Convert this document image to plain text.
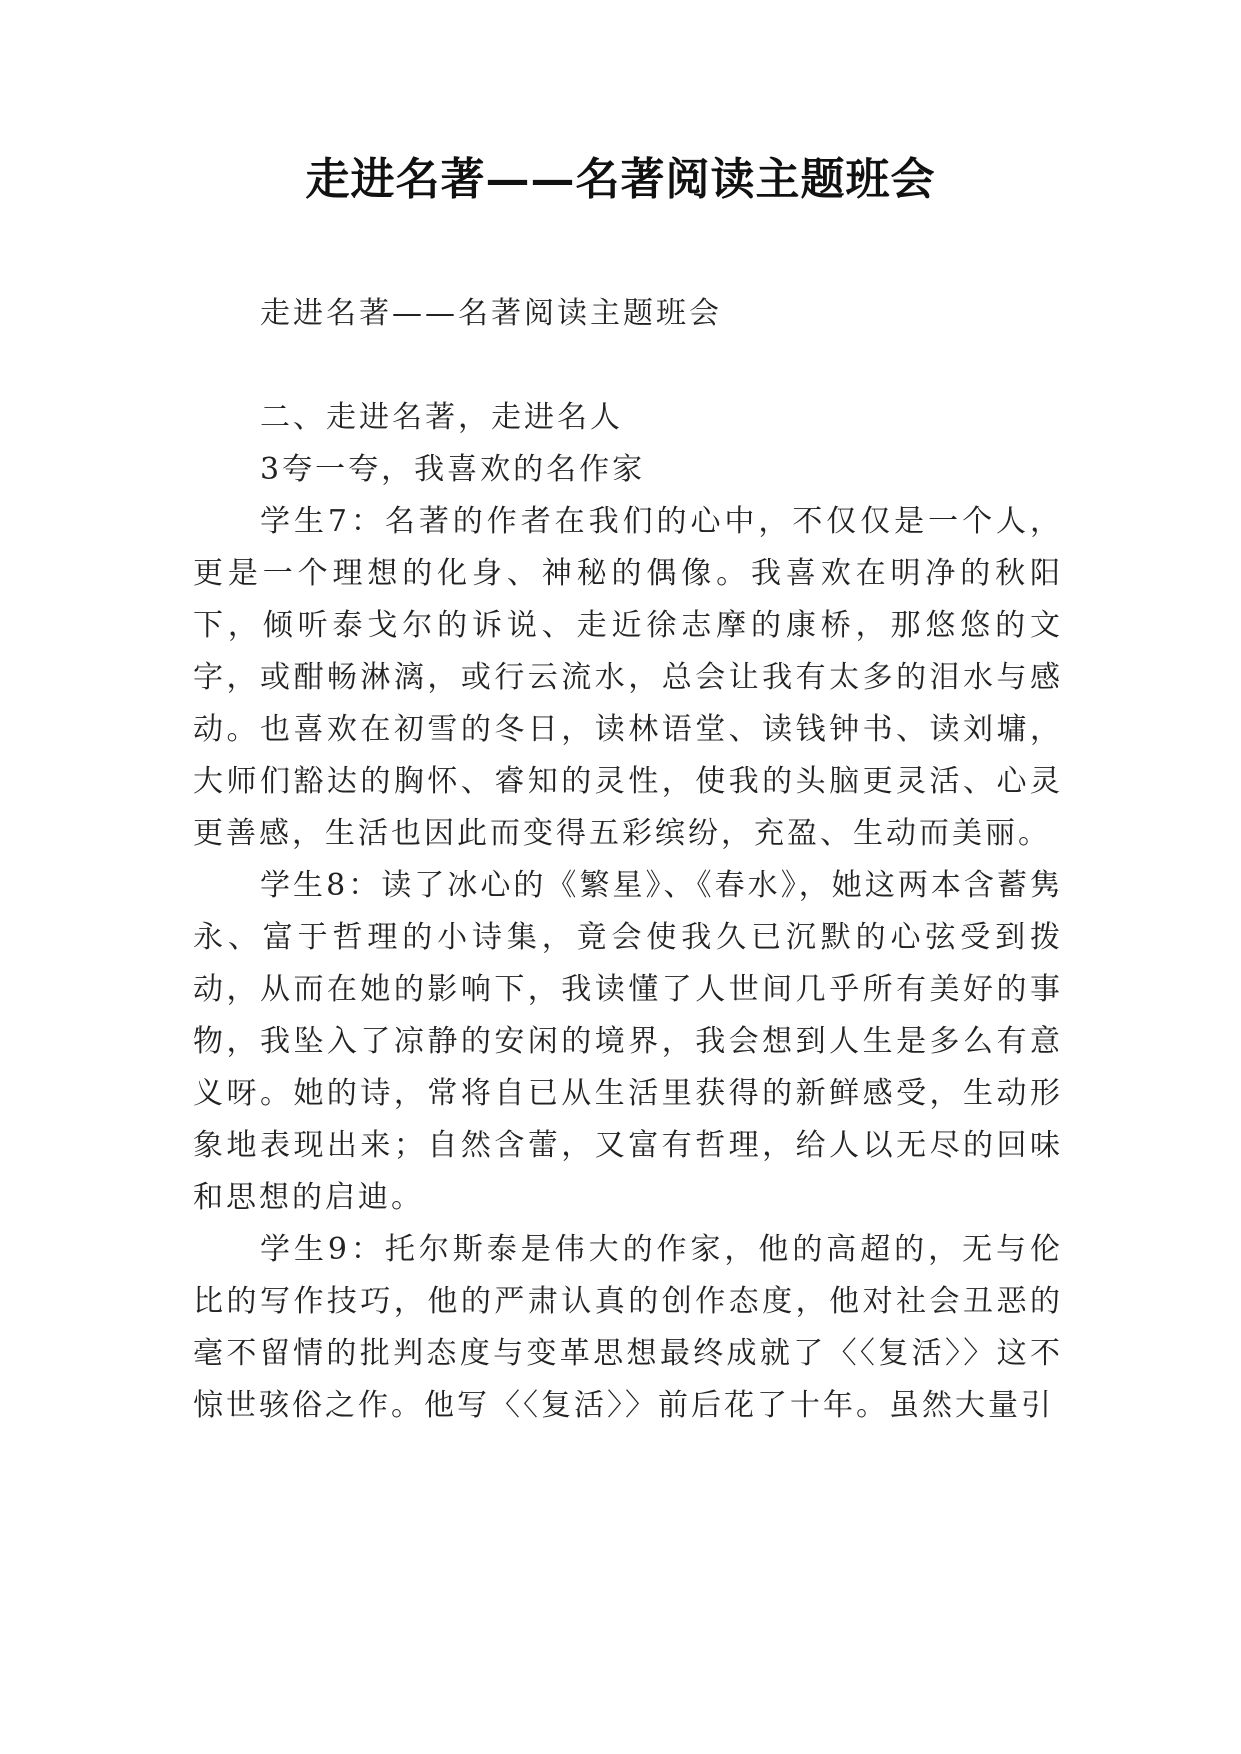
走进名著——名著阅读主题班会

走进名著——名著阅读主题班会

二、走进名著，走进名人

3夸一夸，我喜欢的名作家

学生7：名著的作者在我们的心中，不仅仅是一个人，更是一个理想的化身、神秘的偶像。我喜欢在明净的秋阳下，倾听泰戈尔的诉说、走近徐志摩的康桥，那悠悠的文字，或酣畅淋漓，或行云流水，总会让我有太多的泪水与感动。也喜欢在初雪的冬日，读林语堂、读钱钟书、读刘墉，大师们豁达的胸怀、睿知的灵性，使我的头脑更灵活、心灵更善感，生活也因此而变得五彩缤纷，充盈、生动而美丽。

学生8：读了冰心的《繁星》、《春水》，她这两本含蓄隽永、富于哲理的小诗集，竟会使我久已沉默的心弦受到拨动，从而在她的影响下，我读懂了人世间几乎所有美好的事物，我坠入了凉静的安闲的境界，我会想到人生是多么有意义呀。她的诗，常将自已从生活里获得的新鲜感受，生动形象地表现出来；自然含蕾，又富有哲理，给人以无尽的回味和思想的启迪。

学生9：托尔斯泰是伟大的作家，他的高超的，无与伦比的写作技巧，他的严肃认真的创作态度，他对社会丑恶的毫不留情的批判态度与变革思想最终成就了〈〈复活〉〉这不惊世骇俗之作。他写〈〈复活〉〉前后花了十年。虽然大量引
